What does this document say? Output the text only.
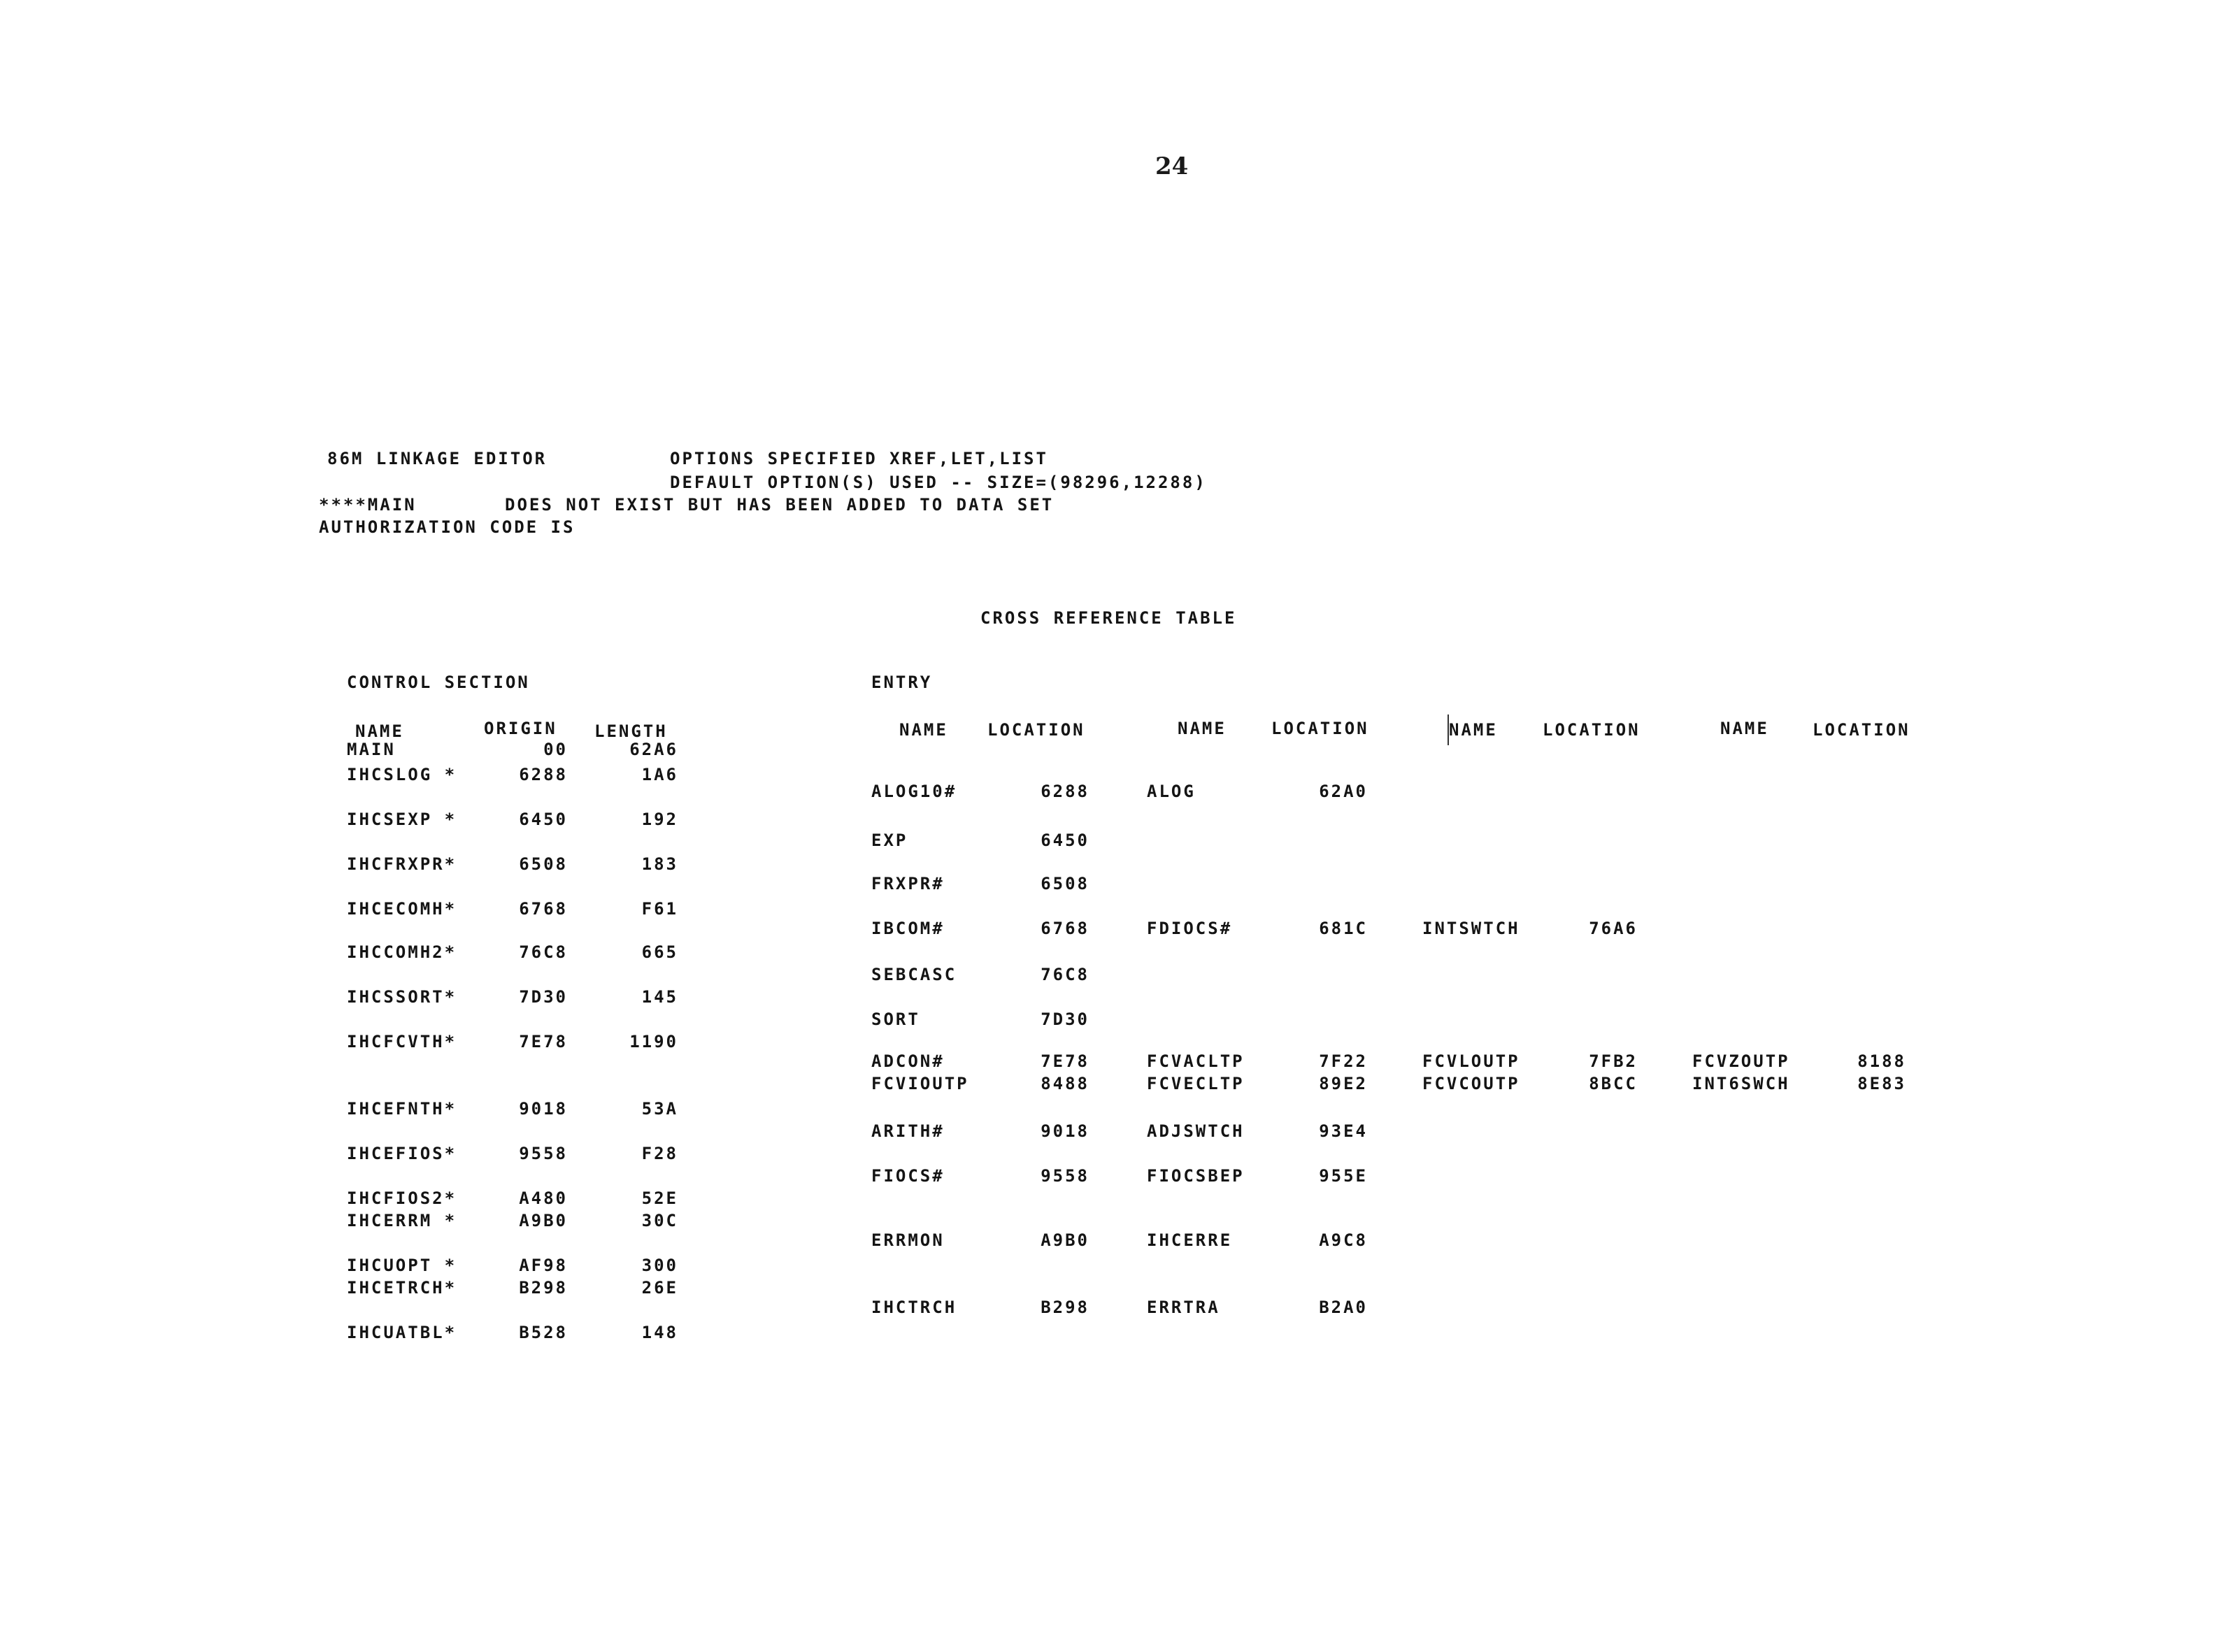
24
86M LINKAGE EDITOR	OPTIONS SPECIFIED XREF,LET,LIST
DEFAULT OPTION(S) USED -- SIZE=(98296,12288)
****MAIN	DOES NOT EXIST BUT HAS BEEN ADDED TO DATA SET
AUTHORIZATION CODE IS
CROSS REFERENCE TABLE
CONTROL SECTION
NAME	ORIGIN LENGTH
MAIN	00	62A6
IHCSLOG *	6288	1A6
IHCSEXP *	6450	192
IHCFRXPR*	6508	183
IHCECOMH*	6768	F61
IHCCOMH2*	76C8	665
IHCSSORT*	7D30	145
IHCFCVTH*	7E78	1190
IHCEFNTH*	9018	53A
IHCEFIOS*	9558	F28
IHCFIOS2*	A480	52E
IHCERRM *	A9B0	30C
IHCUOPT *	AF98	300
IHCETRCH*	B298	26E
IHCUATBL*	B528	148
ENTRY
NAME LOCATION	NAME	LOCATION	NAME	LOCATION	NAME	LOCATION
ALOG10#	6288	ALOG	62A0
EXP	6450
FRXPR#	6508
IBCOM#	6768	FDIOCS#	681C	INTSWTCH	76A6
SEBCASC	76C8
SORT	7D30
ADCON#	7E78	FCVACLTP	7F22	FCVLOUTP	7FB2	FCVZOUTP	8188
FCVIOUTP	8488	FCVECLTP	89E2	FCVCOUTP	8BCC	INT6SWCH	8E83
ARITH#	9018	ADJSWTCH	93E4
FIOCS#	9558	FIOCSBEP	955E
ERRMON	A9B0	IHCERRE	A9C8
IHCTRCH	B298	ERRTRA	B2A0
